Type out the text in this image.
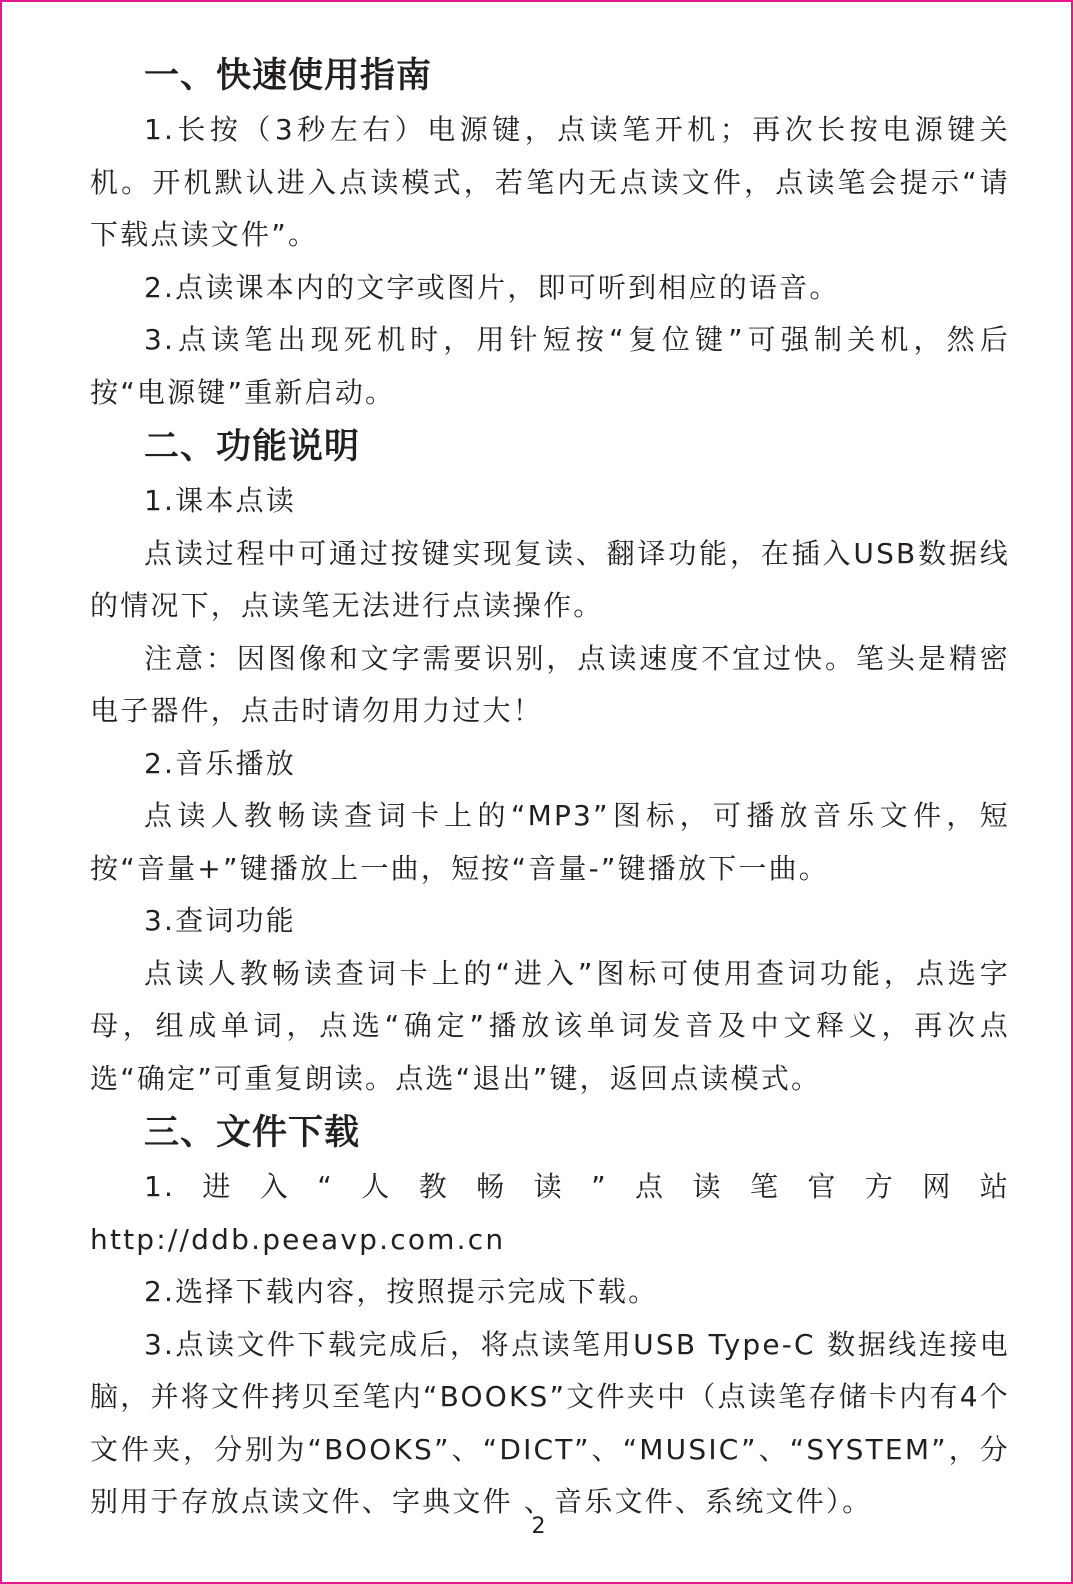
一、快速使用指南

1.长按（3秒左右）电源键，点读笔开机；再次长按电源键关机。开机默认进入点读模式，若笔内无点读文件，点读笔会提示“请下载点读文件”。

2.点读课本内的文字或图片，即可听到相应的语音。

3.点读笔出现死机时，用针短按“复位键”可强制关机，然后按“电源键”重新启动。

二、功能说明

1.课本点读

点读过程中可通过按键实现复读、翻译功能，在插入USB数据线的情况下，点读笔无法进行点读操作。

注意：因图像和文字需要识别，点读速度不宜过快。笔头是精密电子器件，点击时请勿用力过大！

2.音乐播放

点读人教畅读查词卡上的“MP3”图标，可播放音乐文件，短按“音量+”键播放上一曲，短按“音量-”键播放下一曲。

3.查词功能

点读人教畅读查词卡上的“进入”图标可使用查词功能，点选字母，组成单词，点选“确定”播放该单词发音及中文释义，再次点选“确定”可重复朗读。点选“退出”键，返回点读模式。

三、文件下载

1.进入“人教畅读”点读笔官方网站 http://ddb.peeavp.com.cn

2.选择下载内容，按照提示完成下载。

3.点读文件下载完成后，将点读笔用USB Type-C 数据线连接电脑，并将文件拷贝至笔内“BOOKS”文件夹中（点读笔存储卡内有4个文件夹，分别为“BOOKS”、“DICT”、“MUSIC”、“SYSTEM”，分别用于存放点读文件、字典文件 、音乐文件、系统文件）。

2
